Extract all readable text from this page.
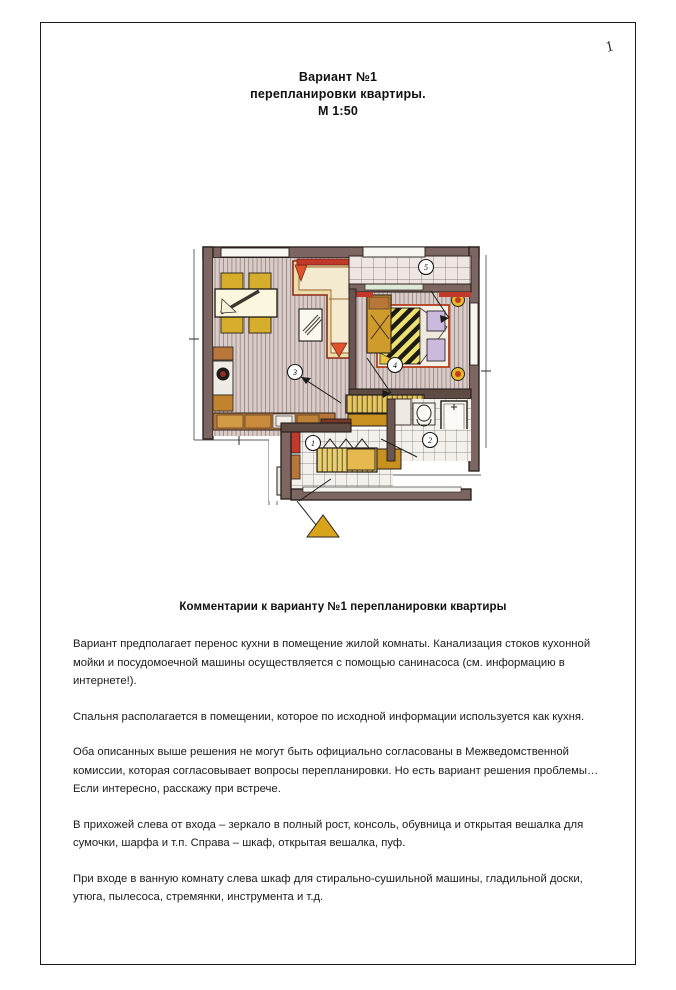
1
Вариант №1
перепланировки квартиры.
М 1:50
1	2
3
4
5
Комментарии к варианту №1 перепланировки квартиры

Вариант предполагает перенос кухни в помещение жилой комнаты. Канализация стоков кухонной мойки и посудомоечной машины осуществляется с помощью санинасоса (см. информацию в интернете!).

Спальня располагается в помещении, которое по исходной информации используется как кухня.

Оба описанных выше решения не могут быть официально согласованы в Межведомственной комиссии, которая согласовывает вопросы перепланировки. Но есть вариант решения проблемы…
Если интересно, расскажу при встрече.

В прихожей слева от входа – зеркало в полный рост, консоль, обувница и открытая вешалка для сумочки, шарфа и т.п. Справа – шкаф, открытая вешалка, пуф.

При входе в ванную комнату слева шкаф для стирально-сушильной машины, гладильной доски, утюга, пылесоса, стремянки, инструмента и т.д.
